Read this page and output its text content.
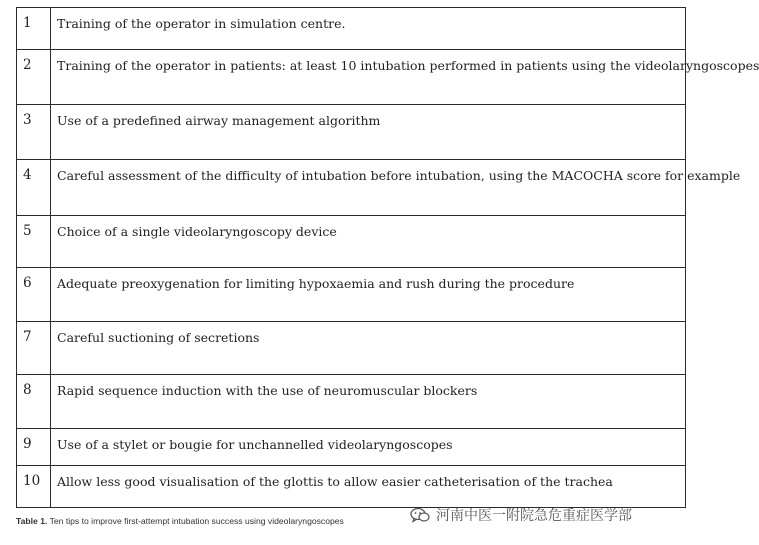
1	Training of the operator in simulation centre.
2	Training of the operator in patients: at least 10 intubation performed in patients using the videolaryngoscopes
3	Use of a predefined airway management algorithm
4	Careful assessment of the difficulty of intubation before intubation, using the MACOCHA score for example
5	Choice of a single videolaryngoscopy device
6	Adequate preoxygenation for limiting hypoxaemia and rush during the procedure
7	Careful suctioning of secretions
8	Rapid sequence induction with the use of neuromuscular blockers
9	Use of a stylet or bougie for unchannelled videolaryngoscopes
10	Allow less good visualisation of the glottis to allow easier catheterisation of the trachea
Table 1. Ten tips to improve first-attempt intubation success using videolaryngoscopes	河南中医一附院急危重症医学部
